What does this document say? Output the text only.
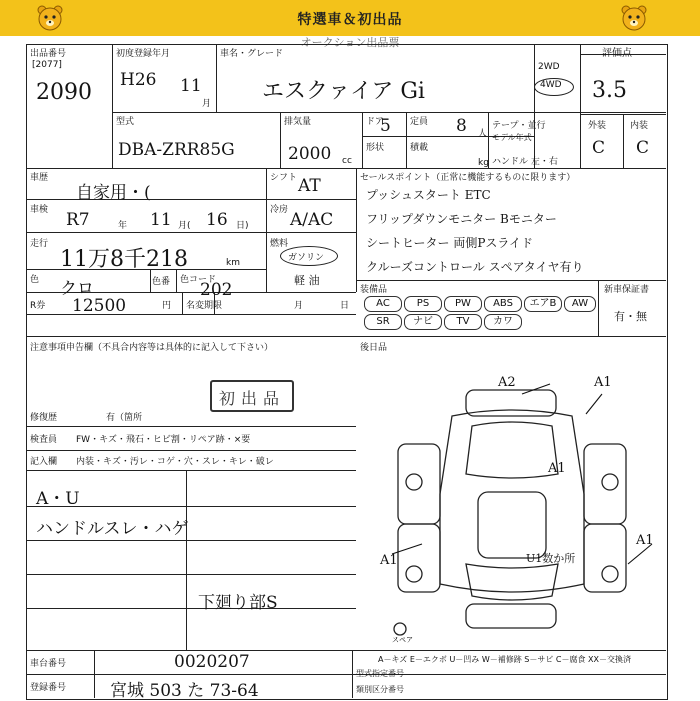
特選車＆初出品
オークション出品票
出品番号
[2077]
2090
初度登録年月
H26 11
月
車名・グレード
エスクァイア Gi
2WD
4WD
評価点
3.5
外装	内装
C C
型式
DBA-ZRR85G
排気量
2000 cc
ドア
5 定員 8 人
形状	積載
kg
テープ・並行
モデル年式
ハンドル 左・右
車歴
自家用・(
シフト AT
車検 R7	年 11 月( 16 日)
冷房 A/AC
走行
11万8千218	km
燃料
ガソリン
軽 油
色 クロ	色番 色コード
202
R券 12500	円 名変期限	月	日
注意事項申告欄（不具合内容等は具体的に記入して下さい）
初出品
修復歴	有（箇所
セールスポイント（正常に機能するものに限ります）
プッシュスタート ETC
フリップダウンモニター Bモニター
シートヒーター 両側Pスライド
クルーズコントロール スペアタイヤ有り
装備品	新車保証書
有・無
AC	PS	PW	ABS	エアB	AW
SR	ナビ	TV	カワ
後日品
検査員 FW・キズ・飛石・ヒビ割・リペア跡・×要
記入欄 内装・キズ・汚レ・コゲ・穴・スレ・キレ・破レ
A・U
ハンドルスレ・ハゲ
下廻り部S
A2	A1
A1
A1
A1
U1数か所
スペア
A－キズ E－エクボ U－凹み W－補修跡 S－サビ C－腐食 XX－交換済
車台番号	0020207
登録番号	宮城 503 た 73-64
型式指定番号
類別区分番号
